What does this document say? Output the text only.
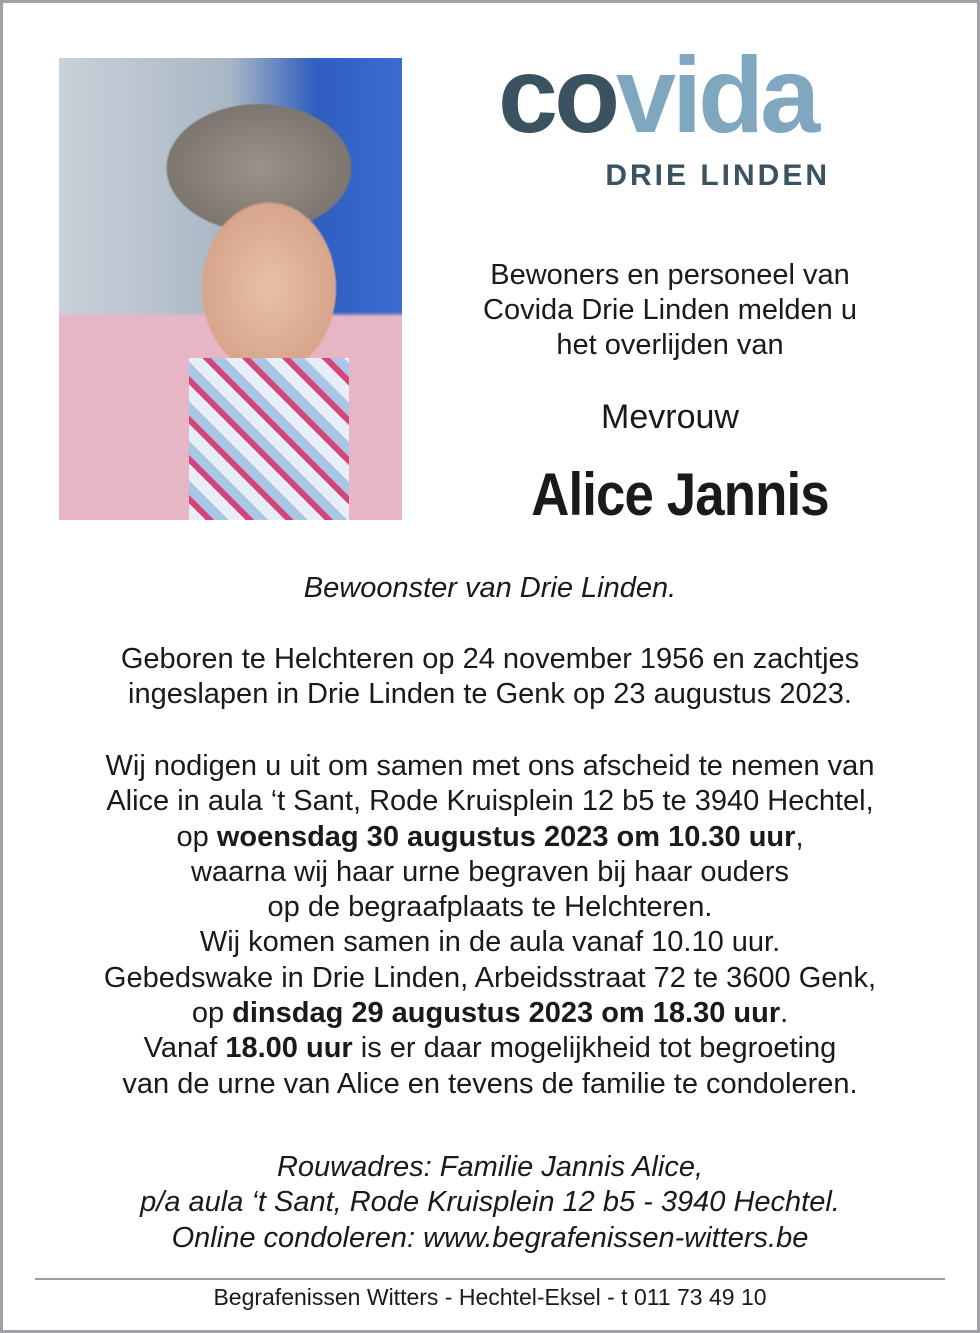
covida
DRIE LINDEN
Bewoners en personeel van
Covida Drie Linden melden u
het overlijden van
Mevrouw
Alice Jannis
Bewoonster van Drie Linden.
Geboren te Helchteren op 24 november 1956 en zachtjes
ingeslapen in Drie Linden te Genk op 23 augustus 2023.
Wij nodigen u uit om samen met ons afscheid te nemen van
Alice in aula ‘t Sant, Rode Kruisplein 12 b5 te 3940 Hechtel,
op woensdag 30 augustus 2023 om 10.30 uur,
waarna wij haar urne begraven bij haar ouders
op de begraafplaats te Helchteren.
Wij komen samen in de aula vanaf 10.10 uur.
Gebedswake in Drie Linden, Arbeidsstraat 72 te 3600 Genk,
op dinsdag 29 augustus 2023 om 18.30 uur.
Vanaf 18.00 uur is er daar mogelijkheid tot begroeting
van de urne van Alice en tevens de familie te condoleren.
Rouwadres: Familie Jannis Alice,
p/a aula ‘t Sant, Rode Kruisplein 12 b5 - 3940 Hechtel.
Online condoleren: www.begrafenissen-witters.be
Begrafenissen Witters - Hechtel-Eksel - t 011 73 49 10
